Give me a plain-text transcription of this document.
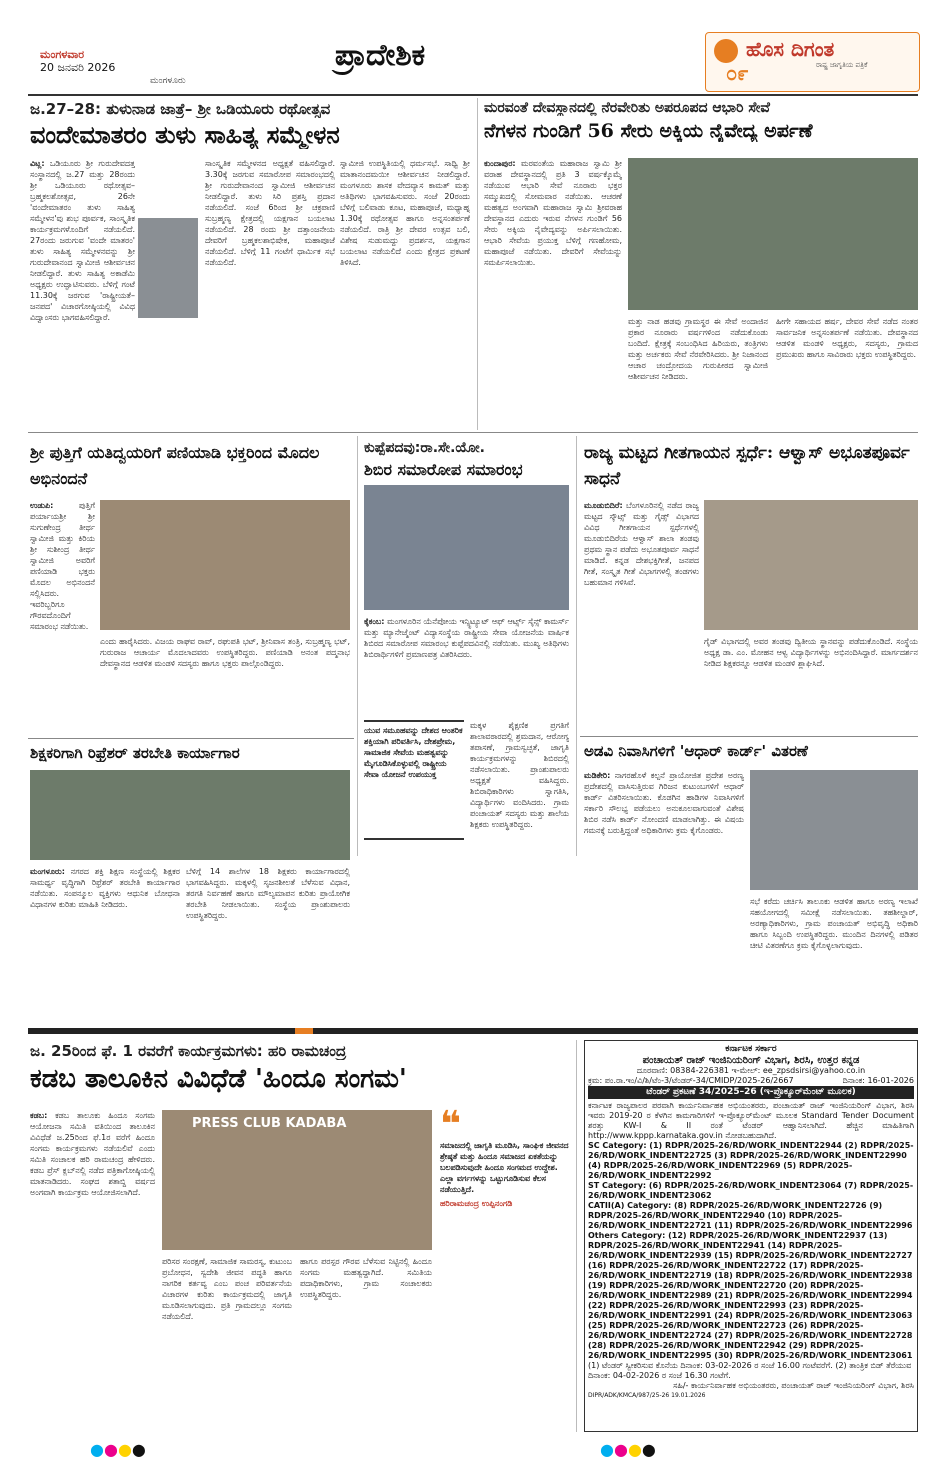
ಮಂಗಳವಾರ
20 ಜನವರಿ 2026
ಮಂಗಳೂರು
ಪ್ರಾದೇಶಿಕ	ಹೊಸ ದಿಗಂತ
೦೯	ರಾಷ್ಟ್ರ ಜಾಗೃತಿಯ ಪತ್ರಿಕೆ
ಜ.27–28: ತುಳುನಾಡ ಜಾತ್ರೆ– ಶ್ರೀ ಒಡಿಯೂರು ರಥೋತ್ಸವ
ವಂದೇಮಾತರಂ ತುಳು ಸಾಹಿತ್ಯ ಸಮ್ಮೇಳನ
ವಿಟ್ಲ: ಒಡಿಯೂರು ಶ್ರೀ ಗುರುದೇವದತ್ತ ಸಂಸ್ಥಾನದಲ್ಲಿ ಜ.27 ಮತ್ತು 28ರಂದು ಶ್ರೀ ಒಡಿಯೂರು ರಥೋತ್ಸವ–ಬ್ರಹ್ಮಕಲಶೋತ್ಸವ, 26ನೇ 'ವಂದೇಮಾತರಂ ತುಳು ಸಾಹಿತ್ಯ ಸಮ್ಮೇಳನ'ವು ಶುಭ ಪೂರ್ವಕ, ಸಾಂಸ್ಕೃತಿಕ ಕಾರ್ಯಕ್ರಮಗಳೊಂದಿಗೆ ನಡೆಯಲಿದೆ. 27ರಂದು ಜರುಗುವ 'ವಂದೇ ಮಾತರಂ' ತುಳು ಸಾಹಿತ್ಯ ಸಮ್ಮೇಳನವನ್ನು ಶ್ರೀ ಗುರುದೇವಾನಂದ ಸ್ವಾಮೀಜಿ ಆಶೀರ್ವಚನ ನೀಡಲಿದ್ದಾರೆ. ತುಳು ಸಾಹಿತ್ಯ ಅಕಾಡೆಮಿ ಅಧ್ಯಕ್ಷರು ಉದ್ಘಾಟಿಸುವರು. ಬೆಳಿಗ್ಗೆ ಗಂಟೆ 11.30ಕ್ಕೆ ಜರಗುವ 'ರಾಷ್ಟ್ರೀಯತೆ–ಜನಪದ' ವಿಚಾರಗೋಷ್ಠಿಯಲ್ಲಿ ವಿವಿಧ ವಿದ್ವಾಂಸರು ಭಾಗವಹಿಸಲಿದ್ದಾರೆ.
ಸಾಂಸ್ಕೃತಿಕ ಸಮ್ಮೇಳನದ ಅಧ್ಯಕ್ಷತೆ ವಹಿಸಲಿದ್ದಾರೆ. 3.30ಕ್ಕೆ ಜರಗುವ ಸಮಾರೋಪ ಸಮಾರಂಭದಲ್ಲಿ ಶ್ರೀ ಗುರುದೇವಾನಂದ ಸ್ವಾಮೀಜಿ ಆಶೀರ್ವಚನ ನೀಡಲಿದ್ದಾರೆ. ತುಳು ಸಿರಿ ಪ್ರಶಸ್ತಿ ಪ್ರದಾನ ನಡೆಯಲಿದೆ. ಸಂಜೆ 6ರಿಂದ ಶ್ರೀ ಚಕ್ರಪಾಣಿ ಸುಬ್ರಹ್ಮಣ್ಯ ಕ್ಷೇತ್ರದಲ್ಲಿ ಯಕ್ಷಗಾನ ಬಯಲಾಟ ನಡೆಯಲಿದೆ. 28 ರಂದು ಶ್ರೀ ದತ್ತಾಂಜನೇಯ ದೇವರಿಗೆ ಬ್ರಹ್ಮಕಲಶಾಭಿಷೇಕ, ಮಹಾಪೂಜೆ ನಡೆಯಲಿದೆ. ಬೆಳಿಗ್ಗೆ 11 ಗಂಟೆಗೆ ಧಾರ್ಮಿಕ ಸಭೆ ನಡೆಯಲಿದೆ.
ಸ್ವಾಮೀಜಿ ಉಪಸ್ಥಿತಿಯಲ್ಲಿ ಧರ್ಮಸಭೆ. ಸಾಧ್ವಿ ಶ್ರೀ ಮಾತಾನಂದಮಯೀ ಆಶೀರ್ವಚನ ನೀಡಲಿದ್ದಾರೆ. ಮಂಗಳೂರು ಶಾಸಕ ವೇದವ್ಯಾಸ ಕಾಮತ್ ಮತ್ತು ಅತಿಥಿಗಳು ಭಾಗವಹಿಸುವರು. ಸಂಜೆ 20ರಂದು ಬೆಳಿಗ್ಗೆ ಬಲಿವಾಡು ಕೂಟ, ಮಹಾಪೂಜೆ, ಮಧ್ಯಾಹ್ನ 1.30ಕ್ಕೆ ರಥೋತ್ಸವ ಹಾಗೂ ಅನ್ನಸಂತರ್ಪಣೆ ನಡೆಯಲಿದೆ. ರಾತ್ರಿ ಶ್ರೀ ದೇವರ ಉತ್ಸವ ಬಲಿ, ವಿಶೇಷ ಸುಡುಮದ್ದು ಪ್ರದರ್ಶನ, ಯಕ್ಷಗಾನ ಬಯಲಾಟ ನಡೆಯಲಿದೆ ಎಂದು ಕ್ಷೇತ್ರದ ಪ್ರಕಟಣೆ ತಿಳಿಸಿದೆ.
ಮರವಂತೆ ದೇವಸ್ಥಾನದಲ್ಲಿ ನೆರವೇರಿತು ಅಪರೂಪದ ಆಭಾರಿ ಸೇವೆ
ನೆಗಳನ ಗುಂಡಿಗೆ 56 ಸೇರು ಅಕ್ಕಿಯ ನೈವೇದ್ಯ ಅರ್ಪಣೆ
ಕುಂದಾಪುರ: ಮರವಂತೆಯ ಮಹಾರಾಜ ಸ್ವಾಮಿ ಶ್ರೀ ವರಾಹ ದೇವಸ್ಥಾನದಲ್ಲಿ ಪ್ರತಿ 3 ವರ್ಷಕ್ಕೊಮ್ಮೆ ನಡೆಯುವ ಆಭಾರಿ ಸೇವೆ ನೂರಾರು ಭಕ್ತರ ಸಮ್ಮುಖದಲ್ಲಿ ಸೋಮವಾರ ನಡೆಯಿತು. ಆಚರಣೆ ಮಹತ್ವದ ಅಂಗವಾಗಿ ಮಹಾರಾಜ ಸ್ವಾಮಿ ಶ್ರೀವರಾಹ ದೇವಸ್ಥಾನದ ಎದುರು ಇರುವ ನೆಗಳನ ಗುಂಡಿಗೆ 56 ಸೇರು ಅಕ್ಕಿಯ ನೈವೇದ್ಯವನ್ನು ಅರ್ಪಿಸಲಾಯಿತು. ಆಭಾರಿ ಸೇವೆಯ ಪ್ರಯುಕ್ತ ಬೆಳಿಗ್ಗೆ ಗಣಹೋಮ, ಮಹಾಪೂಜೆ ನಡೆಯಿತು. ದೇವರಿಗೆ ಸೇವೆಯನ್ನು ಸಮರ್ಪಿಸಲಾಯಿತು.
ಮತ್ತು ನಾಡ ಹಡವು ಗ್ರಾಮಸ್ಥರ ಈ ಸೇವೆ ಅಂದಾಜಿನ ಪ್ರಕಾರ ನೂರಾರು ವರ್ಷಗಳಿಂದ ನಡೆದುಕೊಂಡು ಬಂದಿದೆ. ಕ್ಷೇತ್ರಕ್ಕೆ ಸಂಬಂಧಿಸಿದ ಹಿರಿಯರು, ತಂತ್ರಿಗಳು ಮತ್ತು ಅರ್ಚಕರು ಸೇವೆ ನೆರವೇರಿಸಿದರು. ಶ್ರೀ ನಿಜಾನಂದ ಆಚಾರ ಚಂದ್ರೋದಯ ಗುರುಪೀಠದ ಸ್ವಾಮೀಜಿ ಆಶೀರ್ವಚನ ನೀಡಿದರು.
ಹೀಗೇ ಸಹಾಯದ ಹರ್ಷ, ದೇವರ ಸೇವೆ ನಡೆದ ನಂತರ ಸಾರ್ವಜನಿಕ ಅನ್ನಸಂತರ್ಪಣೆ ನಡೆಯಿತು. ದೇವಸ್ಥಾನದ ಆಡಳಿತ ಮಂಡಳಿ ಅಧ್ಯಕ್ಷರು, ಸದಸ್ಯರು, ಗ್ರಾಮದ ಪ್ರಮುಖರು ಹಾಗೂ ಸಾವಿರಾರು ಭಕ್ತರು ಉಪಸ್ಥಿತರಿದ್ದರು.
ಶ್ರೀ ಪುತ್ತಿಗೆ ಯತಿದ್ವಯರಿಗೆ ಪಣಿಯಾಡಿ ಭಕ್ತರಿಂದ ಮೊದಲ ಅಭಿನಂದನೆ
ಉಡುಪಿ:	ಪುತ್ತಿಗೆ ಪರ್ಯಾಯಶ್ರೀ ಶ್ರೀ ಸುಗುಣೇಂದ್ರ ತೀರ್ಥ ಸ್ವಾಮೀಜಿ ಮತ್ತು ಕಿರಿಯ ಶ್ರೀ ಸುಶೀಂದ್ರ ತೀರ್ಥ ಸ್ವಾಮೀಜಿ ಅವರಿಗೆ ಪಣಿಯಾಡಿ ಭಕ್ತರು ಮೊದಲ ಅಭಿನಂದನೆ ಸಲ್ಲಿಸಿದರು. ಇವರಿಬ್ಬರಿಗೂ ಗೌರವದೊಂದಿಗೆ ಸಮಾರಂಭ ನಡೆಯಿತು.
ಎಂದು ಹಾರೈಸಿದರು. ವಿಜಯ ರಾಘವ ರಾವ್, ರಘುಪತಿ ಭಟ್, ಶ್ರೀನಿವಾಸ ತಂತ್ರಿ, ಸುಬ್ರಹ್ಮಣ್ಯ ಭಟ್, ಗುರುರಾಜ ಆಚಾರ್ಯ ಮೊದಲಾದವರು ಉಪಸ್ಥಿತರಿದ್ದರು. ಪಣಿಯಾಡಿ ಅನಂತ ಪದ್ಮನಾಭ ದೇವಸ್ಥಾನದ ಆಡಳಿತ ಮಂಡಳಿ ಸದಸ್ಯರು ಹಾಗೂ ಭಕ್ತರು ಪಾಲ್ಗೊಂಡಿದ್ದರು.
ಕುಪ್ಪೆಪದವು:ರಾ.ಸೇ.ಯೋ.
ಶಿಬಿರ ಸಮಾರೋಪ ಸಮಾರಂಭ
ಕೈಕಂಬ: ಮಂಗಳೂರಿನ ಯೆನೆಪೋಯ ಇನ್ಸ್ಟಿಟ್ಯೂಟ್ ಆಫ್ ಆರ್ಟ್ಸ್ ಸೈನ್ಸ್ ಕಾಮರ್ಸ್ ಮತ್ತು ಮ್ಯಾನೇಜ್ಮೆಂಟ್ ವಿದ್ಯಾಸಂಸ್ಥೆಯ ರಾಷ್ಟ್ರೀಯ ಸೇವಾ ಯೋಜನೆಯ ವಾರ್ಷಿಕ ಶಿಬಿರದ ಸಮಾರೋಪ ಸಮಾರಂಭ ಕುಪ್ಪೆಪದವಿನಲ್ಲಿ ನಡೆಯಿತು. ಮುಖ್ಯ ಅತಿಥಿಗಳು ಶಿಬಿರಾರ್ಥಿಗಳಿಗೆ ಪ್ರಮಾಣಪತ್ರ ವಿತರಿಸಿದರು.
ಯುವ ಸಮೂಹವನ್ನು ದೇಶದ ಆಂತರಿಕ ಶಕ್ತಿಯಾಗಿ ಪರಿವರ್ತಿಸಿ, ದೇಶಪ್ರೇಮ, ಸಾಮಾಜಿಕ ಸೇವೆಯ ಮಹತ್ವವನ್ನು ಮೈಗೂಡಿಸಿಕೊಳ್ಳುವಲ್ಲಿ ರಾಷ್ಟ್ರೀಯ ಸೇವಾ ಯೋಜನೆ ಉಪಯುಕ್ತ
ಮಕ್ಕಳ ಶೈಕ್ಷಣಿಕ ಪ್ರಗತಿಗೆ ಶಾಲಾವಠಾರದಲ್ಲಿ ಶ್ರಮದಾನ, ಆರೋಗ್ಯ ತಪಾಸಣೆ, ಗ್ರಾಮಸ್ವಚ್ಛತೆ, ಜಾಗೃತಿ ಕಾರ್ಯಕ್ರಮಗಳನ್ನು ಶಿಬಿರದಲ್ಲಿ ನಡೆಸಲಾಯಿತು. ಪ್ರಾಂಶುಪಾಲರು ಅಧ್ಯಕ್ಷತೆ ವಹಿಸಿದ್ದರು. ಶಿಬಿರಾಧಿಕಾರಿಗಳು ಸ್ವಾಗತಿಸಿ, ವಿದ್ಯಾರ್ಥಿಗಳು ವಂದಿಸಿದರು. ಗ್ರಾಮ ಪಂಚಾಯತ್ ಸದಸ್ಯರು ಮತ್ತು ಶಾಲೆಯ ಶಿಕ್ಷಕರು ಉಪಸ್ಥಿತರಿದ್ದರು.
ರಾಜ್ಯ ಮಟ್ಟದ ಗೀತಗಾಯನ ಸ್ಪರ್ಧೆ: ಆಳ್ವಾಸ್ ಅಭೂತಪೂರ್ವ ಸಾಧನೆ
ಮೂಡುಬಿದಿರೆ: ಬೆಂಗಳೂರಿನಲ್ಲಿ ನಡೆದ ರಾಜ್ಯ ಮಟ್ಟದ ಸ್ಕೌಟ್ಸ್ ಮತ್ತು ಗೈಡ್ಸ್ ವಿಭಾಗದ ವಿವಿಧ ಗೀತಗಾಯನ ಸ್ಪರ್ಧೆಗಳಲ್ಲಿ ಮೂಡುಬಿದಿರೆಯ ಆಳ್ವಾಸ್ ಶಾಲಾ ತಂಡವು ಪ್ರಥಮ ಸ್ಥಾನ ಪಡೆದು ಅಭೂತಪೂರ್ವ ಸಾಧನೆ ಮಾಡಿದೆ. ಕನ್ನಡ ದೇಶಭಕ್ತಿಗೀತೆ, ಜನಪದ ಗೀತೆ, ಸಂಸ್ಕೃತ ಗೀತೆ ವಿಭಾಗಗಳಲ್ಲಿ ತಂಡಗಳು ಬಹುಮಾನ ಗಳಿಸಿವೆ.
ಗೈಡ್ ವಿಭಾಗದಲ್ಲಿ ಅವರ ತಂಡವು ದ್ವಿತೀಯ ಸ್ಥಾನವನ್ನು ಪಡೆದುಕೊಂಡಿದೆ. ಸಂಸ್ಥೆಯ ಅಧ್ಯಕ್ಷ ಡಾ. ಎಂ. ಮೋಹನ ಆಳ್ವ ವಿದ್ಯಾರ್ಥಿಗಳನ್ನು ಅಭಿನಂದಿಸಿದ್ದಾರೆ. ಮಾರ್ಗದರ್ಶನ ನೀಡಿದ ಶಿಕ್ಷಕರನ್ನೂ ಆಡಳಿತ ಮಂಡಳಿ ಶ್ಲಾಘಿಸಿದೆ.
ಅಡವಿ ನಿವಾಸಿಗಳಿಗೆ 'ಆಧಾರ್ ಕಾರ್ಡ್' ವಿತರಣೆ
ಮಡಿಕೇರಿ: ನಾಗರಹೊಳೆ ಕಲ್ಪನೆ ಪ್ರಾಯೋಜಿತ ಪ್ರದೇಶ ಅರಣ್ಯ ಪ್ರದೇಶದಲ್ಲಿ ವಾಸಿಸುತ್ತಿರುವ ಗಿರಿಜನ ಕುಟುಂಬಗಳಿಗೆ ಆಧಾರ್ ಕಾರ್ಡ್ ವಿತರಿಸಲಾಯಿತು. ಕೊಡಗಿನ ಹಾಡಿಗಳ ನಿವಾಸಿಗಳಿಗೆ ಸರ್ಕಾರಿ ಸೌಲಭ್ಯ ಪಡೆಯಲು ಅನುಕೂಲವಾಗುವಂತೆ ವಿಶೇಷ ಶಿಬಿರ ನಡೆಸಿ ಕಾರ್ಡ್ ನೋಂದಣಿ ಮಾಡಲಾಗಿತ್ತು. ಈ ವಿಷಯ ಗಮನಕ್ಕೆ ಬರುತ್ತಿದ್ದಂತೆ ಅಧಿಕಾರಿಗಳು ಕ್ರಮ ಕೈಗೊಂಡರು.
ಸಭೆ ಕರೆದು ಚರ್ಚಿಸಿ ತಾಲೂಕು ಆಡಳಿತ ಹಾಗೂ ಅರಣ್ಯ ಇಲಾಖೆ ಸಹಯೋಗದಲ್ಲಿ ಸಮೀಕ್ಷೆ ನಡೆಸಲಾಯಿತು. ತಹಶೀಲ್ದಾರ್, ಅರಣ್ಯಾಧಿಕಾರಿಗಳು, ಗ್ರಾಮ ಪಂಚಾಯತ್ ಅಭಿವೃದ್ಧಿ ಅಧಿಕಾರಿ ಹಾಗೂ ಸಿಬ್ಬಂದಿ ಉಪಸ್ಥಿತರಿದ್ದರು. ಮುಂದಿನ ದಿನಗಳಲ್ಲಿ ಪಡಿತರ ಚೀಟಿ ವಿತರಣೆಗೂ ಕ್ರಮ ಕೈಗೊಳ್ಳಲಾಗುವುದು.
ಶಿಕ್ಷಕರಿಗಾಗಿ ರಿಫ್ರೆಶರ್ ತರಬೇತಿ ಕಾರ್ಯಾಗಾರ
ಮಂಗಳೂರು: ನಗರದ ಶಕ್ತಿ ಶಿಕ್ಷಣ ಸಂಸ್ಥೆಯಲ್ಲಿ ಶಿಕ್ಷಕರ ಸಾಮರ್ಥ್ಯ ವೃದ್ಧಿಗಾಗಿ ರಿಫ್ರೆಶರ್ ತರಬೇತಿ ಕಾರ್ಯಾಗಾರ ನಡೆಯಿತು. ಸಂಪನ್ಮೂಲ ವ್ಯಕ್ತಿಗಳು ಆಧುನಿಕ ಬೋಧನಾ ವಿಧಾನಗಳ ಕುರಿತು ಮಾಹಿತಿ ನೀಡಿದರು.
ಬೆಳಿಗ್ಗೆ 14 ಶಾಲೆಗಳ 18 ಶಿಕ್ಷಕರು ಕಾರ್ಯಾಗಾರದಲ್ಲಿ ಭಾಗವಹಿಸಿದ್ದರು. ಮಕ್ಕಳಲ್ಲಿ ಸೃಜನಶೀಲತೆ ಬೆಳೆಸುವ ವಿಧಾನ, ತರಗತಿ ನಿರ್ವಹಣೆ ಹಾಗೂ ಮೌಲ್ಯಮಾಪನ ಕುರಿತು ಪ್ರಾಯೋಗಿಕ ತರಬೇತಿ ನೀಡಲಾಯಿತು. ಸಂಸ್ಥೆಯ ಪ್ರಾಂಶುಪಾಲರು ಉಪಸ್ಥಿತರಿದ್ದರು.
ಜ. 25ರಿಂದ ಫೆ. 1 ರವರೆಗೆ ಕಾರ್ಯಕ್ರಮಗಳು: ಹರಿ ರಾಮಚಂದ್ರ
ಕಡಬ ತಾಲೂಕಿನ ವಿವಿಧೆಡೆ 'ಹಿಂದೂ ಸಂಗಮ'
ಕಡಬ: ಕಡಬ ತಾಲೂಕು ಹಿಂದೂ ಸಂಗಮ ಆಯೋಜನಾ ಸಮಿತಿ ವತಿಯಿಂದ ತಾಲೂಕಿನ ವಿವಿಧೆಡೆ ಜ.25ರಿಂದ ಫೆ.1ರ ವರೆಗೆ ಹಿಂದೂ ಸಂಗಮ ಕಾರ್ಯಕ್ರಮಗಳು ನಡೆಯಲಿವೆ ಎಂದು ಸಮಿತಿ ಸಂಚಾಲಕ ಹರಿ ರಾಮಚಂದ್ರ ಹೇಳಿದರು. ಕಡಬ ಪ್ರೆಸ್ ಕ್ಲಬ್‌ನಲ್ಲಿ ನಡೆದ ಪತ್ರಿಕಾಗೋಷ್ಠಿಯಲ್ಲಿ ಮಾತನಾಡಿದರು. ಸಂಘದ ಶತಾಬ್ದಿ ವರ್ಷದ ಅಂಗವಾಗಿ ಕಾರ್ಯಕ್ರಮ ಆಯೋಜಿಸಲಾಗಿದೆ.
PRESS CLUB KADABA
ಪರಿಸರ ಸಂರಕ್ಷಣೆ, ಸಾಮಾಜಿಕ ಸಾಮರಸ್ಯ, ಕುಟುಂಬ ಪ್ರಬೋಧನ, ಸ್ವದೇಶಿ ಜೀವನ ಪದ್ಧತಿ ಹಾಗೂ ನಾಗರಿಕ ಕರ್ತವ್ಯ ಎಂಬ ಪಂಚ ಪರಿವರ್ತನೆಯ ವಿಚಾರಗಳ ಕುರಿತು ಕಾರ್ಯಕ್ರಮದಲ್ಲಿ ಜಾಗೃತಿ ಮೂಡಿಸಲಾಗುವುದು. ಪ್ರತಿ ಗ್ರಾಮದಲ್ಲೂ ಸಂಗಮ ನಡೆಯಲಿದೆ.
ಹಾಗೂ ಪರಸ್ಪರ ಗೌರವ ಬೆಳೆಸುವ ನಿಟ್ಟಿನಲ್ಲಿ ಹಿಂದೂ ಸಂಗಮ ಮಹತ್ವದ್ದಾಗಿದೆ. ಸಮಿತಿಯ ಪದಾಧಿಕಾರಿಗಳು, ಗ್ರಾಮ ಸಂಚಾಲಕರು ಉಪಸ್ಥಿತರಿದ್ದರು.
❝
ಸಮಾಜದಲ್ಲಿ ಜಾಗೃತಿ ಮೂಡಿಸಿ, ಸಾಂಘಿಕ ಜೀವನದ ಶ್ರೇಷ್ಠತೆ ಮತ್ತು ಹಿಂದೂ ಸಮಾಜದ ಏಕತೆಯನ್ನು ಬಲಪಡಿಸುವುದೇ ಹಿಂದೂ ಸಂಗಮದ ಉದ್ದೇಶ. ಎಲ್ಲಾ ವರ್ಗಗಳನ್ನು ಒಟ್ಟುಗೂಡಿಸುವ ಕೆಲಸ ನಡೆಯುತ್ತಿದೆ.
ಹರಿರಾಮಚಂದ್ರ ಉಪ್ಪಿನಂಗಡಿ
ಕರ್ನಾಟಕ ಸರ್ಕಾರ
ಪಂಚಾಯತ್ ರಾಜ್ ಇಂಜಿನಿಯರಿಂಗ್ ವಿಭಾಗ, ಶಿರಸಿ, ಉತ್ತರ ಕನ್ನಡ
ದೂರವಾಣಿ: 08384-226381 ಇ-ಮೇಲ್: ee_zpsdsirsi@yahoo.co.in
ಕ್ರಮ: ಪಂ.ರಾ.ಇಂ/ವಿ/ಶಿ/ಟೆಂ-3/ಟೆಂಡರ್-34/CMIDP/2025-26/2667	ದಿನಾಂಕ: 16-01-2026
ಟೆಂಡರ್ ಪ್ರಕಟಣೆ 34/2025–26 (ಇ-ಪ್ರೊಕ್ಯೂರ್‌ಮೆಂಟ್ ಮೂಲಕ)
ಕರ್ನಾಟಕ ರಾಜ್ಯಪಾಲರ ಪರವಾಗಿ ಕಾರ್ಯನಿರ್ವಾಹಕ ಅಭಿಯಂತರರು, ಪಂಚಾಯತ್ ರಾಜ್ ಇಂಜಿನಿಯರಿಂಗ್ ವಿಭಾಗ, ಶಿರಸಿ ಇವರು 2019-20 ರ ಕೆಳಗಿನ ಕಾಮಗಾರಿಗಳಿಗೆ ಇ-ಪ್ರೊಕ್ಯೂರ್‌ಮೆಂಟ್ ಮೂಲಕ Standard Tender Document ಶರತ್ತು KW-I & II ರಂತೆ ಟೆಂಡರ್ ಆಹ್ವಾನಿಸಲಾಗಿದೆ. ಹೆಚ್ಚಿನ ಮಾಹಿತಿಗಾಗಿ http://www.kppp.karnataka.gov.in ನೋಡಬಹುದಾಗಿದೆ.
SC Category: (1) RDPR/2025-26/RD/WORK_INDENT22944 (2) RDPR/2025-26/RD/WORK_INDENT22725 (3) RDPR/2025-26/RD/WORK_INDENT22990 (4) RDPR/2025-26/RD/WORK_INDENT22969 (5) RDPR/2025-26/RD/WORK_INDENT22992
ST Category: (6) RDPR/2025-26/RD/WORK_INDENT23064 (7) RDPR/2025-26/RD/WORK_INDENT23062
CATII(A) Category: (8) RDPR/2025-26/RD/WORK_INDENT22726 (9) RDPR/2025-26/RD/WORK_INDENT22940 (10) RDPR/2025-26/RD/WORK_INDENT22721 (11) RDPR/2025-26/RD/WORK_INDENT22996
Others Category: (12) RDPR/2025-26/RD/WORK_INDENT22937 (13) RDPR/2025-26/RD/WORK_INDENT22941 (14) RDPR/2025-26/RD/WORK_INDENT22939 (15) RDPR/2025-26/RD/WORK_INDENT22727 (16) RDPR/2025-26/RD/WORK_INDENT22722 (17) RDPR/2025-26/RD/WORK_INDENT22719 (18) RDPR/2025-26/RD/WORK_INDENT22938 (19) RDPR/2025-26/RD/WORK_INDENT22720 (20) RDPR/2025-26/RD/WORK_INDENT22989 (21) RDPR/2025-26/RD/WORK_INDENT22994 (22) RDPR/2025-26/RD/WORK_INDENT22993 (23) RDPR/2025-26/RD/WORK_INDENT22991 (24) RDPR/2025-26/RD/WORK_INDENT23063 (25) RDPR/2025-26/RD/WORK_INDENT22723 (26) RDPR/2025-26/RD/WORK_INDENT22724 (27) RDPR/2025-26/RD/WORK_INDENT22728 (28) RDPR/2025-26/RD/WORK_INDENT22942 (29) RDPR/2025-26/RD/WORK_INDENT22995 (30) RDPR/2025-26/RD/WORK_INDENT23061
(1) ಟೆಂಡರ್ ಸ್ವೀಕರಿಸುವ ಕೊನೆಯ ದಿನಾಂಕ: 03-02-2026 ರ ಸಂಜೆ 16.00 ಗಂಟೆವರೆಗೆ. (2) ತಾಂತ್ರಿಕ ಬಿಡ್ ತೆರೆಯುವ ದಿನಾಂಕ: 04-02-2026 ರ ಸಂಜೆ 16.30 ಗಂಟೆಗೆ.
ಸಹಿ/- ಕಾರ್ಯನಿರ್ವಾಹಕ ಅಭಿಯಂತರರು, ಪಂಚಾಯತ್ ರಾಜ್ ಇಂಜಿನಿಯರಿಂಗ್ ವಿಭಾಗ, ಶಿರಸಿ
DIPR/ADK/KMCA/987/25-26 19.01.2026
●●●●	●●●●
